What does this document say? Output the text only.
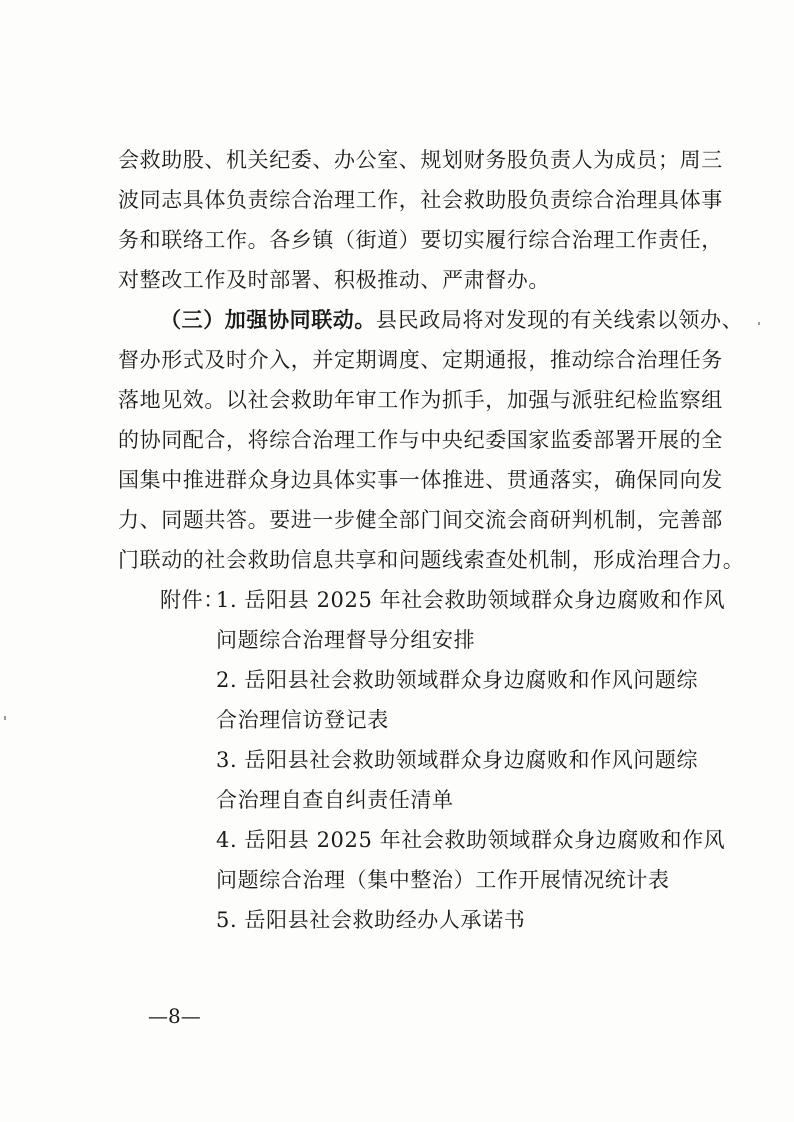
会救助股、机关纪委、办公室、规划财务股负责人为成员；周三
波同志具体负责综合治理工作，社会救助股负责综合治理具体事
务和联络工作。各乡镇（街道）要切实履行综合治理工作责任，
对整改工作及时部署、积极推动、严肃督办。
（三）加强协同联动。县民政局将对发现的有关线索以领办、
督办形式及时介入，并定期调度、定期通报，推动综合治理任务
落地见效。以社会救助年审工作为抓手，加强与派驻纪检监察组
的协同配合，将综合治理工作与中央纪委国家监委部署开展的全
国集中推进群众身边具体实事一体推进、贯通落实，确保同向发
力、同题共答。要进一步健全部门间交流会商研判机制，完善部
门联动的社会救助信息共享和问题线索查处机制，形成治理合力。
附件：
1. 岳阳县 2025 年社会救助领域群众身边腐败和作风
问题综合治理督导分组安排
2. 岳阳县社会救助领域群众身边腐败和作风问题综
合治理信访登记表
3. 岳阳县社会救助领域群众身边腐败和作风问题综
合治理自查自纠责任清单
4. 岳阳县 2025 年社会救助领域群众身边腐败和作风
问题综合治理（集中整治）工作开展情况统计表
5. 岳阳县社会救助经办人承诺书
—8—
